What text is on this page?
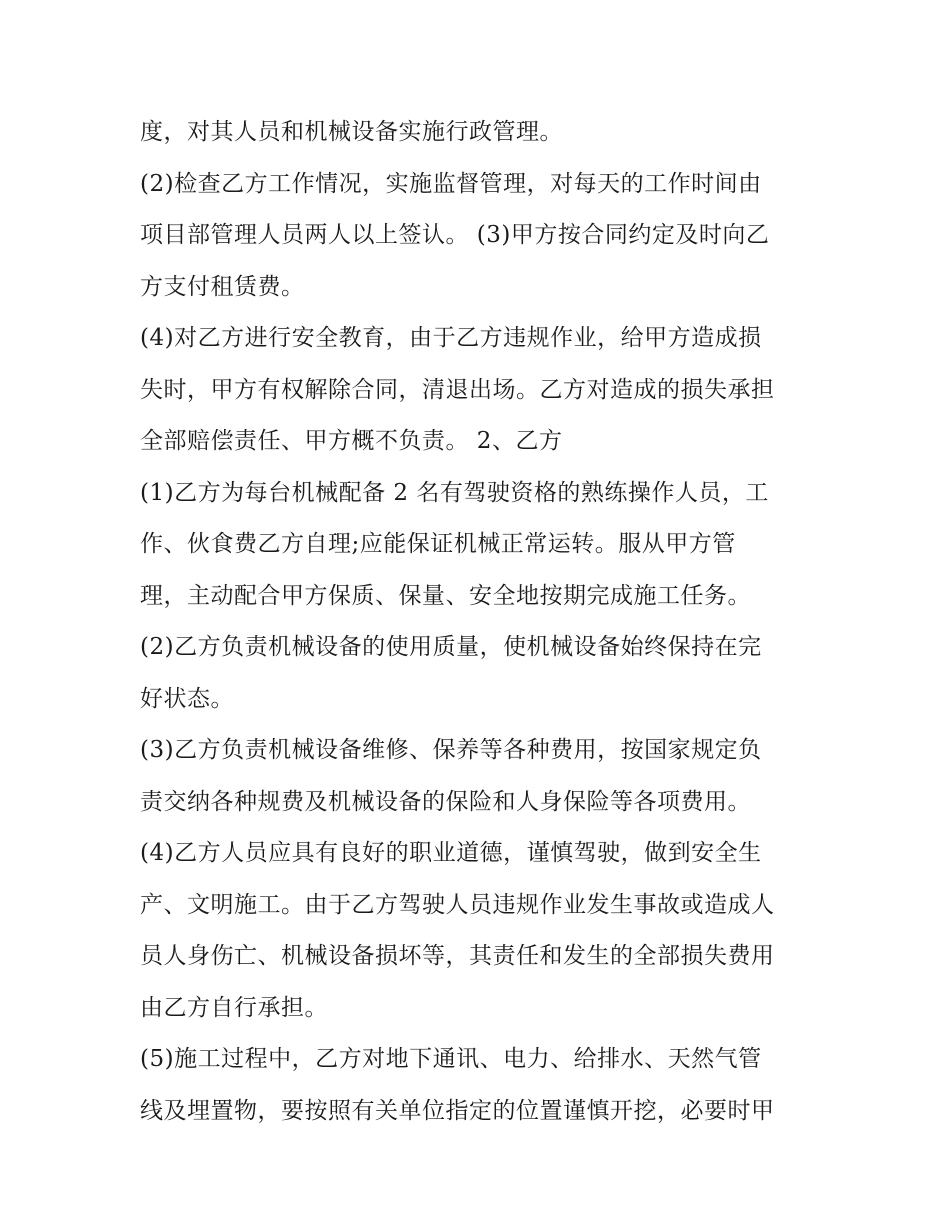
度，对其人员和机械设备实施行政管理。
(2)检查乙方工作情况，实施监督管理，对每天的工作时间由
项目部管理人员两人以上签认。 (3)甲方按合同约定及时向乙
方支付租赁费。
(4)对乙方进行安全教育，由于乙方违规作业，给甲方造成损
失时，甲方有权解除合同，清退出场。乙方对造成的损失承担
全部赔偿责任、甲方概不负责。 2、乙方
(1)乙方为每台机械配备 2 名有驾驶资格的熟练操作人员，工
作、伙食费乙方自理;应能保证机械正常运转。服从甲方管
理，主动配合甲方保质、保量、安全地按期完成施工任务。
(2)乙方负责机械设备的使用质量，使机械设备始终保持在完
好状态。
(3)乙方负责机械设备维修、保养等各种费用，按国家规定负
责交纳各种规费及机械设备的保险和人身保险等各项费用。
(4)乙方人员应具有良好的职业道德，谨慎驾驶，做到安全生
产、文明施工。由于乙方驾驶人员违规作业发生事故或造成人
员人身伤亡、机械设备损坏等，其责任和发生的全部损失费用
由乙方自行承担。
(5)施工过程中，乙方对地下通讯、电力、给排水、天然气管
线及埋置物，要按照有关单位指定的位置谨慎开挖，必要时甲
